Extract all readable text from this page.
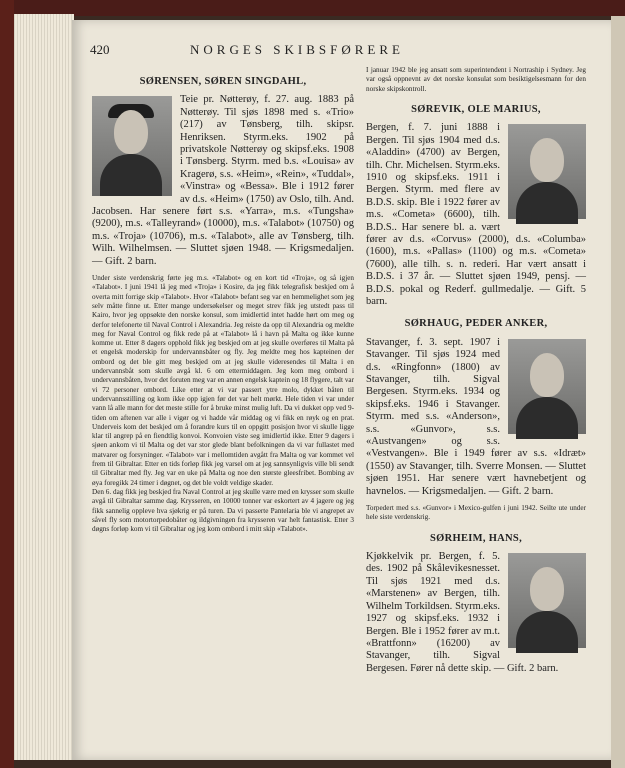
420	NORGES SKIBSFØRERE
SØRENSEN, SØREN SINGDAHL,

Teie pr. Nøtterøy, f. 27. aug. 1883 på Nøtterøy. Til sjøs 1898 med s. «Trio» (217) av Tønsberg, tilh. skipsr. Henriksen. Styrm.eks. 1902 på privatskole Nøtterøy og skipsf.eks. 1908 i Tønsberg. Styrm. med b.s. «Louisa» av Kragerø, s.s. «Heim», «Rein», «Tuddal», «Vinstra» og «Bessa». Ble i 1912 fører av d.s. «Heim» (1750) av Oslo, tilh. And. Jacobsen. Har senere ført s.s. «Yarra», m.s. «Tungsha» (9200), m.s. «Talleyrand» (10000), m.s. «Talabot» (10750) og m.s. «Troja» (10706), m.s. «Talabot», alle av Tønsberg, tilh. Wilh. Wilhelmsen. — Sluttet sjøen 1948. — Krigsmedaljen. — Gift. 2 barn.

Under siste verdenskrig førte jeg m.s. «Talabot» og en kort tid «Troja», og så igjen «Talabot». I juni 1941 lå jeg med «Troja» i Kosire, da jeg fikk telegrafisk beskjed om å overta mitt forrige skip «Talabot». Hvor «Talabot» befant seg var en hemmelighet som jeg selv måtte finne ut. Etter mange undersøkelser og meget strev fikk jeg utstedt pass til Kairo, hvor jeg oppsøkte den norske konsul, som imidlertid intet hadde hørt om meg og derfor telefonerte til Naval Control i Alexandria. Jeg reiste da opp til Alexandria og meldte meg for Naval Control og fikk rede på at «Talabot» lå i havn på Malta og ikke kunne komme ut. Etter 8 dagers opphold fikk jeg beskjed om at jeg skulle overføres til Malta på et engelsk moderskip for undervannsbåter og fly. Jeg meldte meg hos kapteinen der ombord og det ble gitt meg beskjed om at jeg skulle videresendes til Malta i en undervannsbåt som skulle avgå kl. 6 om ettermiddagen. Jeg kom meg ombord i undervannsbåten, hvor det foruten meg var en annen engelsk kaptein og 18 flygere, talt var vi 72 personer ombord. Like etter at vi var passert ytre molo, dykket båten til undervannsstilling og kom ikke opp igjen før det var helt mørkt. Hele tiden vi var under vann lå alle mann for det meste stille for å bruke minst mulig luft. Da vi dukket opp ved 9-tiden om aftenen var alle i vigør og vi hadde vår middag og vi fikk en røyk og en prat. Underveis kom det beskjed om å forandre kurs til en oppgitt posisjon hvor vi skulle ligge klar til angrep på en fiendtlig konvoi. Konvoien viste seg imidlertid ikke. Etter 9 dagers i sjøen ankom vi til Malta og det var stor glede blant befolkningen da vi var fullastet med matvarer og forsyninger. «Talabot» var i mellomtiden avgått fra Malta og var kommet vel frem til Gibraltar. Etter en tids forløp fikk jeg varsel om at jeg sannsynligvis ville bli sendt til Gibraltar med fly. Jeg var en uke på Malta og noe den største gleesfribet. Bombing av øya foregikk 24 timer i døgnet, og det ble voldt veldige skader.

Den 6. dag fikk jeg beskjed fra Naval Control at jeg skulle være med en krysser som skulle avgå til Gibraltar samme dag. Krysseren, en 10000 tonner var eskortert av 4 jagere og jeg fikk sannelig oppleve hva sjøkrig er på turen. Da vi passerte Pantelaria ble vi angrepet av såvel fly som motortorpedobåter og ildgivningen fra krysseren var helt fantastisk. Etter 3 døgns forløp kom vi til Gibraltar og jeg kom ombord i mitt skip «Talabot».

I januar 1942 ble jeg ansatt som superintendent i Nortraship i Sydney. Jeg var også oppnevnt av det norske konsulat som besiktigelsesmann for den norske skipskontroll.

SØREVIK, OLE MARIUS,

Bergen, f. 7. juni 1888 i Bergen. Til sjøs 1904 med d.s. «Aladdin» (4700) av Bergen, tilh. Chr. Michelsen. Styrm.eks. 1910 og skipsf.eks. 1911 i Bergen. Styrm. med flere av B.D.S. skip. Ble i 1922 fører av m.s. «Cometa» (6600), tilh. B.D.S.. Har senere bl. a. vært fører av d.s. «Corvus» (2000), d.s. «Columba» (1600), m.s. «Pallas» (1100) og m.s. «Cometa» (7600), alle tilh. s. n. rederi. Har vært ansatt i B.D.S. i 37 år. — Sluttet sjøen 1949, pensj. — B.D.S. pokal og Rederf. gullmedalje. — Gift. 5 barn.

SØRHAUG, PEDER ANKER,

Stavanger, f. 3. sept. 1907 i Stavanger. Til sjøs 1924 med d.s. «Ringfonn» (1800) av Stavanger, tilh. Sigval Bergesen. Styrm.eks. 1934 og skipsf.eks. 1946 i Stavanger. Styrm. med s.s. «Anderson», s.s. «Gunvor», s.s. «Austvangen» og s.s. «Vestvangen». Ble i 1949 fører av s.s. «Idræt» (1550) av Stavanger, tilh. Sverre Monsen. — Sluttet sjøen 1951. Har senere vært havnebetjent og havnelos. — Krigsmedaljen. — Gift. 2 barn.

Torpedert med s.s. «Gunvor» i Mexico-gulfen i juni 1942. Seilte ute under hele siste verdenskrig.

SØRHEIM, HANS,

Kjøkkelvik pr. Bergen, f. 5. des. 1902 på Skålevikesnesset. Til sjøs 1921 med d.s. «Marstenen» av Bergen, tilh. Wilhelm Torkildsen. Styrm.eks. 1927 og skipsf.eks. 1932 i Bergen. Ble i 1952 fører av m.t. «Brattfonn» (16200) av Stavanger, tilh. Sigval Bergesen. Fører nå dette skip. — Gift. 2 barn.
